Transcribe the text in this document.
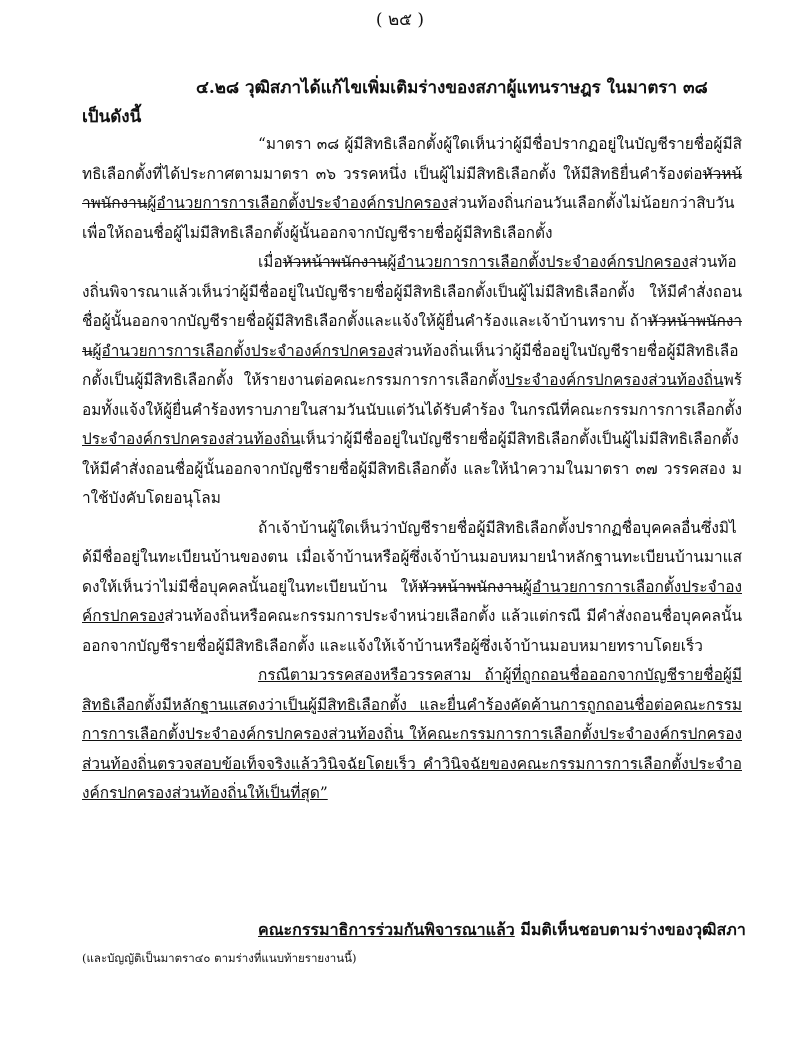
( ๒๕ )
๔.๒๘ วุฒิสภาได้แก้ไขเพิ่มเติมร่างของสภาผู้แทนราษฎร ในมาตรา ๓๘
เป็นดังนี้

“มาตรา ๓๘ ผู้มีสิทธิเลือกตั้งผู้ใดเห็นว่าผู้มีชื่อปรากฏอยู่ในบัญชีรายชื่อผู้มีสิทธิเลือกตั้งที่ได้ประกาศตามมาตรา ๓๖ วรรคหนึ่ง เป็นผู้ไม่มีสิทธิเลือกตั้ง ให้มีสิทธิยื่นคำร้องต่อหัวหน้าพนักงานผู้อำนวยการการเลือกตั้งประจำองค์กรปกครองส่วนท้องถิ่นก่อนวันเลือกตั้งไม่น้อยกว่าสิบวัน เพื่อให้ถอนชื่อผู้ไม่มีสิทธิเลือกตั้งผู้นั้นออกจากบัญชีรายชื่อผู้มีสิทธิเลือกตั้ง

เมื่อหัวหน้าพนักงานผู้อำนวยการการเลือกตั้งประจำองค์กรปกครองส่วนท้องถิ่นพิจารณาแล้วเห็นว่าผู้มีชื่ออยู่ในบัญชีรายชื่อผู้มีสิทธิเลือกตั้งเป็นผู้ไม่มีสิทธิเลือกตั้ง ให้มีคำสั่งถอนชื่อผู้นั้นออกจากบัญชีรายชื่อผู้มีสิทธิเลือกตั้งและแจ้งให้ผู้ยื่นคำร้องและเจ้าบ้านทราบ ถ้าหัวหน้าพนักงานผู้อำนวยการการเลือกตั้งประจำองค์กรปกครองส่วนท้องถิ่นเห็นว่าผู้มีชื่ออยู่ในบัญชีรายชื่อผู้มีสิทธิเลือกตั้งเป็นผู้มีสิทธิเลือกตั้ง ให้รายงานต่อคณะกรรมการการเลือกตั้งประจำองค์กรปกครองส่วนท้องถิ่นพร้อมทั้งแจ้งให้ผู้ยื่นคำร้องทราบภายในสามวันนับแต่วันได้รับคำร้อง ในกรณีที่คณะกรรมการการเลือกตั้งประจำองค์กรปกครองส่วนท้องถิ่นเห็นว่าผู้มีชื่ออยู่ในบัญชีรายชื่อผู้มีสิทธิเลือกตั้งเป็นผู้ไม่มีสิทธิเลือกตั้ง ให้มีคำสั่งถอนชื่อผู้นั้นออกจากบัญชีรายชื่อผู้มีสิทธิเลือกตั้ง และให้นำความในมาตรา ๓๗ วรรคสอง มาใช้บังคับโดยอนุโลม

ถ้าเจ้าบ้านผู้ใดเห็นว่าบัญชีรายชื่อผู้มีสิทธิเลือกตั้งปรากฏชื่อบุคคลอื่นซึ่งมิได้มีชื่ออยู่ในทะเบียนบ้านของตน เมื่อเจ้าบ้านหรือผู้ซึ่งเจ้าบ้านมอบหมายนำหลักฐานทะเบียนบ้านมาแสดงให้เห็นว่าไม่มีชื่อบุคคลนั้นอยู่ในทะเบียนบ้าน ให้หัวหน้าพนักงานผู้อำนวยการการเลือกตั้งประจำองค์กรปกครองส่วนท้องถิ่นหรือคณะกรรมการประจำหน่วยเลือกตั้ง แล้วแต่กรณี มีคำสั่งถอนชื่อบุคคลนั้นออกจากบัญชีรายชื่อผู้มีสิทธิเลือกตั้ง และแจ้งให้เจ้าบ้านหรือผู้ซึ่งเจ้าบ้านมอบหมายทราบโดยเร็ว

กรณีตามวรรคสองหรือวรรคสาม ถ้าผู้ที่ถูกถอนชื่อออกจากบัญชีรายชื่อผู้มีสิทธิเลือกตั้งมีหลักฐานแสดงว่าเป็นผู้มีสิทธิเลือกตั้ง และยื่นคำร้องคัดค้านการถูกถอนชื่อต่อคณะกรรมการการเลือกตั้งประจำองค์กรปกครองส่วนท้องถิ่น ให้คณะกรรมการการเลือกตั้งประจำองค์กรปกครองส่วนท้องถิ่นตรวจสอบข้อเท็จจริงแล้ววินิจฉัยโดยเร็ว คำวินิจฉัยของคณะกรรมการการเลือกตั้งประจำองค์กรปกครองส่วนท้องถิ่นให้เป็นที่สุด”

คณะกรรมาธิการร่วมกันพิจารณาแล้ว มีมติเห็นชอบตามร่างของวุฒิสภา
(และบัญญัติเป็นมาตรา๔๐ ตามร่างที่แนบท้ายรายงานนี้)
